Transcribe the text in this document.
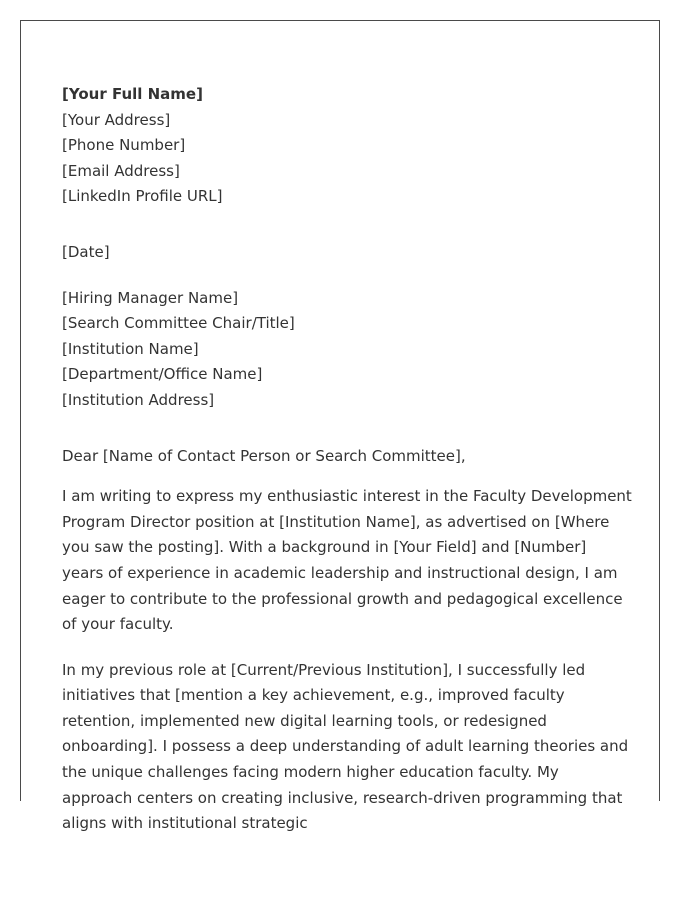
[Your Full Name]
[Your Address]
[Phone Number]
[Email Address]
[LinkedIn Profile URL]
[Date]
[Hiring Manager Name]
[Search Committee Chair/Title]
[Institution Name]
[Department/Office Name]
[Institution Address]
Dear [Name of Contact Person or Search Committee],

I am writing to express my enthusiastic interest in the Faculty Development Program Director position at [Institution Name], as advertised on [Where you saw the posting]. With a background in [Your Field] and [Number] years of experience in academic leadership and instructional design, I am eager to contribute to the professional growth and pedagogical excellence of your faculty.

In my previous role at [Current/Previous Institution], I successfully led initiatives that [mention a key achievement, e.g., improved faculty retention, implemented new digital learning tools, or redesigned onboarding]. I possess a deep understanding of adult learning theories and the unique challenges facing modern higher education faculty. My approach centers on creating inclusive, research-driven programming that aligns with institutional strategic
